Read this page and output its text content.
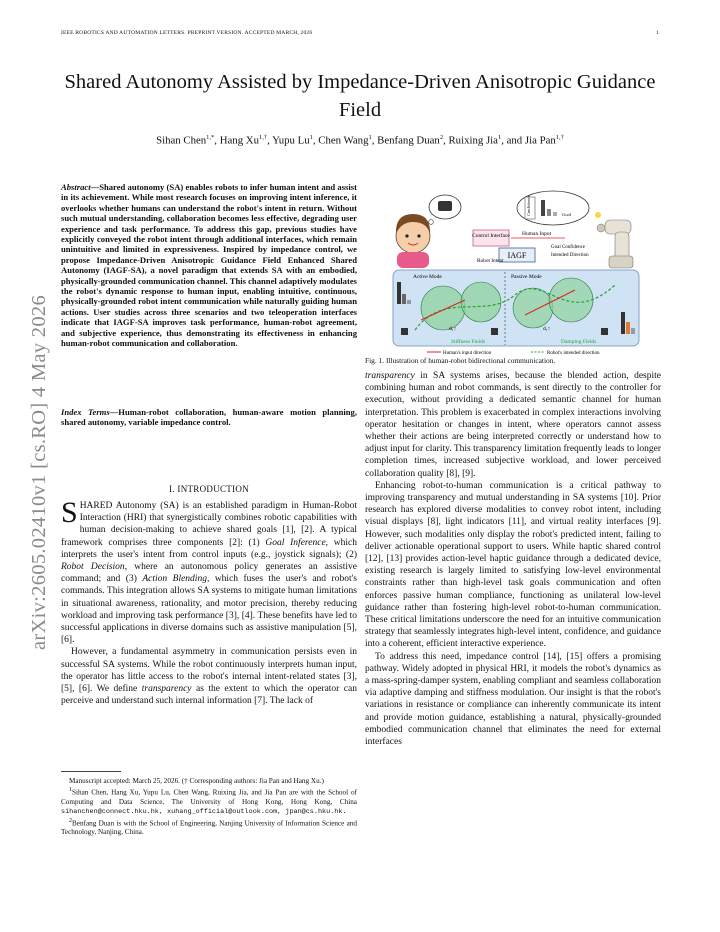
IEEE ROBOTICS AND AUTOMATION LETTERS. PREPRINT VERSION. ACCEPTED MARCH, 2026	1
arXiv:2605.02410v1 [cs.RO] 4 May 2026
Shared Autonomy Assisted by Impedance-Driven Anisotropic Guidance Field
Sihan Chen$^{1,*}$, Hang $Xu^{1,\dagger}$, Yupu Lu$^1$, Chen Wang$^1$, Benfang Duan$^2$, Ruixing Jia$^1$, and Jia Pan$^{1,\dagger}$
Abstract—Shared autonomy (SA) enables robots to infer human intent and assist in its achievement. While most research focuses on improving intent inference, it overlooks whether humans can understand the robot's intent in return. Without such mutual understanding, collaboration becomes less effective, degrading user experience and task performance. To address this gap, previous studies have explicitly conveyed the robot intent through additional interfaces, which remain unintuitive and limited in expressiveness. Inspired by impedance control, we propose Impedance-Driven Anisotropic Guidance Field Enhanced Shared Autonomy (IAGF-SA), a novel paradigm that extends SA with an embodied, physically-grounded communication channel. This channel adaptively modulates the robot's dynamic response to human input, enabling intuitive, continuous, physically-grounded robot intent communication while naturally guiding human actions. User studies across three scenarios and two teleoperation interfaces indicate that IAGF-SA improves task performance, human-robot agreement, and subjective experience, thus demonstrating its effectiveness in enhancing human-robot communication and collaboration.
Index Terms—Human-robot collaboration, human-aware motion planning, shared autonomy, variable impedance control.
I. INTRODUCTION

SHARED Autonomy (SA) is an established paradigm in Human-Robot Interaction (HRI) that synergistically combines robotic capabilities with human decision-making to achieve shared goals [1], [2]. A typical framework comprises three components [2]: (1) Goal Inference, which interprets the user's intent from control inputs (e.g., joystick signals); (2) Robot Decision, where an autonomous policy generates an assistive command; and (3) Action Blending, which fuses the user's and robot's commands. This integration allows SA systems to mitigate human limitations in situational awareness, rationality, and motor precision, thereby reducing workload and improving task performance [3], [4]. These benefits have led to successful applications in diverse domains such as assistive manipulation [5], [6].

However, a fundamental asymmetry in communication persists even in successful SA systems. While the robot continuously interprets human input, the operator has little access to the robot's internal intent-related states [3], [5], [6]. We define transparency as the extent to which the operator can perceive and understand such internal information [7]. The lack of

Manuscript accepted: March 25, 2026. († Corresponding authors: Jia Pan and Hang Xu.)

$^1$Sihan Chen, Hang Xu, Yupu Lu, Chen Wang, Ruixing Jia, and Jia Pan are with the School of Computing and Data Science, The University of Hong Kong, Hong Kong, China sihanchen@connect.hku.hk, xuhang_official@outlook.com, jpan@cs.hku.hk.

$^2$Benfang Duan is with the School of Engineering, Nanjing University of Information Science and Technology, Nanjing, China.

Confidence	Goal
Control Interface Human Input
Goal Confidence
Intended Direction
IAGF
Robot Intent
Active Mode	Passive Mode
d₁↑	d₁↑
Stiffness Fields	Damping Fields
Human's input direction	Robot's intended direction
Fig. 1. Illustration of human-robot bidirectional communication.

transparency in SA systems arises, because the blended action, despite combining human and robot commands, is sent directly to the controller for execution, without providing a dedicated semantic channel for human interpretation. This problem is exacerbated in complex interactions involving operator hesitation or changes in intent, where operators cannot assess whether their actions are being interpreted correctly or understand how to adjust input for clarity. This transparency limitation frequently leads to longer completion times, increased subjective workload, and lower perceived collaboration quality [8], [9].

Enhancing robot-to-human communication is a critical pathway to improving transparency and mutual understanding in SA systems [10]. Prior research has explored diverse modalities to convey robot intent, including visual displays [8], light indicators [11], and virtual reality interfaces [9]. However, such modalities only display the robot's predicted intent, failing to deliver actionable operational support to users. While haptic shared control [12], [13] provides action-level haptic guidance through a dedicated device, existing research is largely limited to satisfying low-level environmental constraints rather than high-level task goals communication and often enforces passive human compliance, functioning as unilateral low-level guidance rather than fostering high-level robot-to-human communication. These critical limitations underscore the need for an intuitive communication strategy that seamlessly integrates high-level intent, confidence, and guidance into a coherent, efficient interactive experience.

To address this need, impedance control [14], [15] offers a promising pathway. Widely adopted in physical HRI, it models the robot's dynamics as a mass-spring-damper system, enabling compliant and seamless collaboration via adaptive damping and stiffness modulation. Our insight is that the robot's variations in resistance or compliance can inherently communicate its intent and provide motion guidance, establishing a natural, physically-grounded embodied communication channel that eliminates the need for external interfaces
